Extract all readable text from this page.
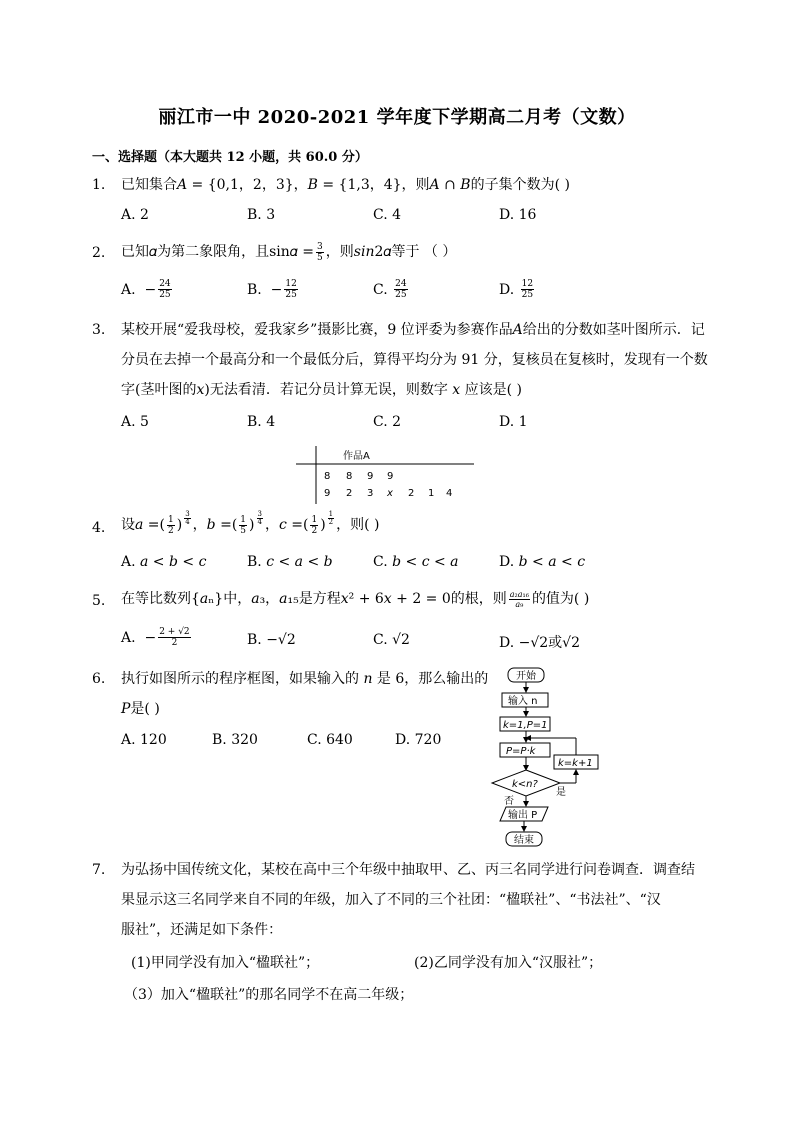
丽江市一中 2020-2021 学年度下学期高二月考（文数）
一、选择题（本大题共 12 小题，共 60.0 分）
1. 已知集合𝐴 = {0,1，2，3}，𝐵 = {1,3，4}，则𝐴 ∩ 𝐵的子集个数为( )
A. 2	B. 3	C. 4	D. 16
2. 已知𝛼为第二象限角，且sin𝛼 = $\frac{3}{5}$ ，则𝑠𝑖𝑛2𝛼等于 （ ）
A.
− $\frac{24}{25}$	B.
− $\frac{12}{25}$	C.
$\frac{24}{25}$	D.
$\frac{12}{25}$
3. 某校开展“爱我母校，爱我家乡”摄影比赛，9 位评委为参赛作品𝐴给出的分数如茎叶图所示．记
分员在去掉一个最高分和一个最低分后，算得平均分为 91 分，复核员在复核时，发现有一个数
字(茎叶图的𝑥)无法看清．若记分员计算无误，则数字 𝑥 应该是( )
A. 5	B. 4	C. 2	D. 1
作品A
8 8 9 9
9 2 3 x 2 1 4
4. 设𝑎 = ( $\frac{1}{2}$ ) $\frac{3}{4}$ ，𝑏 = ( $\frac{1}{5}$ ) $\frac{3}{4}$ ，𝑐 = ( $\frac{1}{2}$ ) $\frac{1}{2}$ ，则( )
A. 𝑎 < 𝑏 < 𝑐	B. 𝑐 < 𝑎 < 𝑏	C. 𝑏 < 𝑐 < 𝑎	D. 𝑏 < 𝑎 < 𝑐
5. 在等比数列{𝑎ₙ}中，𝑎₃，𝑎₁₅是方程𝑥² + 6𝑥 + 2 = 0的根，则 $\frac{\text{𝑎₂𝑎₁₆}}{\text{𝑎₉}}$ 的值为( )
A. − $\frac{2 + √2}{2}$	B. −√2	C. √2	D. −√2或√2
6. 执行如图所示的程序框图，如果输入的 𝑛 是 6，那么输出的
𝑃是( )
A. 120	B. 320	C. 640	D. 720
开始
输入 n
k=1,P=1
P=P·k
k<n?
是
k=k+1
否
输出 P
结束
7. 为弘扬中国传统文化，某校在高中三个年级中抽取甲、乙、丙三名同学进行问卷调查．调查结
果显示这三名同学来自不同的年级，加入了不同的三个社团：“楹联社”、“书法社”、“汉
服社”，还满足如下条件：
(1)甲同学没有加入“楹联社”；	(2)乙同学没有加入“汉服社”；
（3）加入“楹联社”的那名同学不在高二年级；
